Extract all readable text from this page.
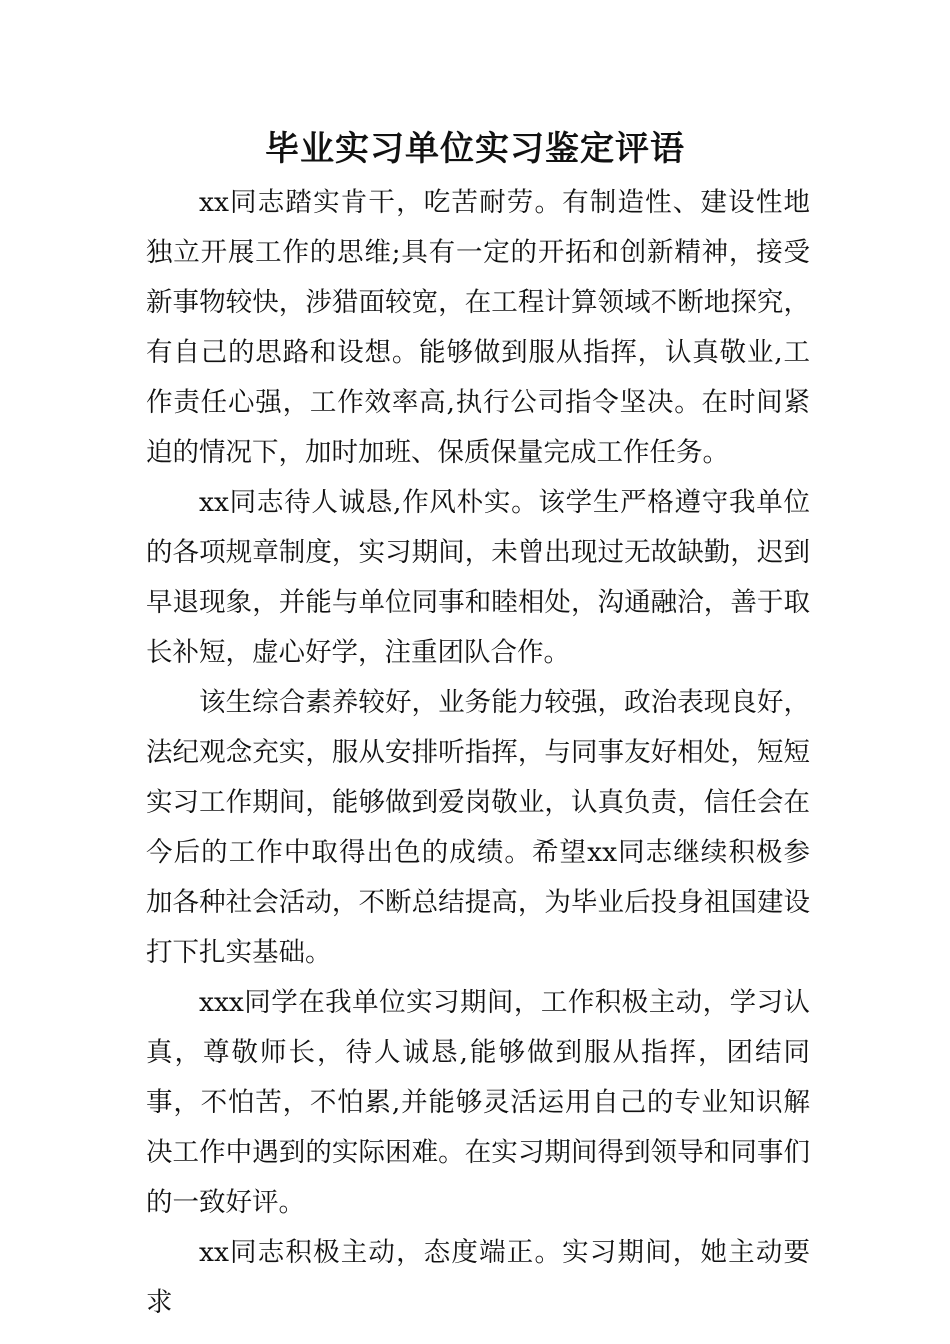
毕业实习单位实习鉴定评语

xx同志踏实肯干，吃苦耐劳。有制造性、建设性地独立开展工作的思维;具有一定的开拓和创新精神，接受新事物较快，涉猎面较宽，在工程计算领域不断地探究，有自己的思路和设想。能够做到服从指挥，认真敬业,工作责任心强，工作效率高,执行公司指令坚决。在时间紧迫的情况下，加时加班、保质保量完成工作任务。

xx同志待人诚恳,作风朴实。该学生严格遵守我单位的各项规章制度，实习期间，未曾出现过无故缺勤，迟到早退现象，并能与单位同事和睦相处，沟通融洽，善于取长补短，虚心好学，注重团队合作。

该生综合素养较好，业务能力较强，政治表现良好，法纪观念充实，服从安排听指挥，与同事友好相处，短短实习工作期间，能够做到爱岗敬业，认真负责，信任会在今后的工作中取得出色的成绩。希望xx同志继续积极参加各种社会活动，不断总结提高，为毕业后投身祖国建设打下扎实基础。

xxx同学在我单位实习期间，工作积极主动，学习认真，尊敬师长，待人诚恳,能够做到服从指挥，团结同事，不怕苦，不怕累,并能够灵活运用自己的专业知识解决工作中遇到的实际困难。在实习期间得到领导和同事们的一致好评。

xx同志积极主动，态度端正。实习期间，她主动要求
